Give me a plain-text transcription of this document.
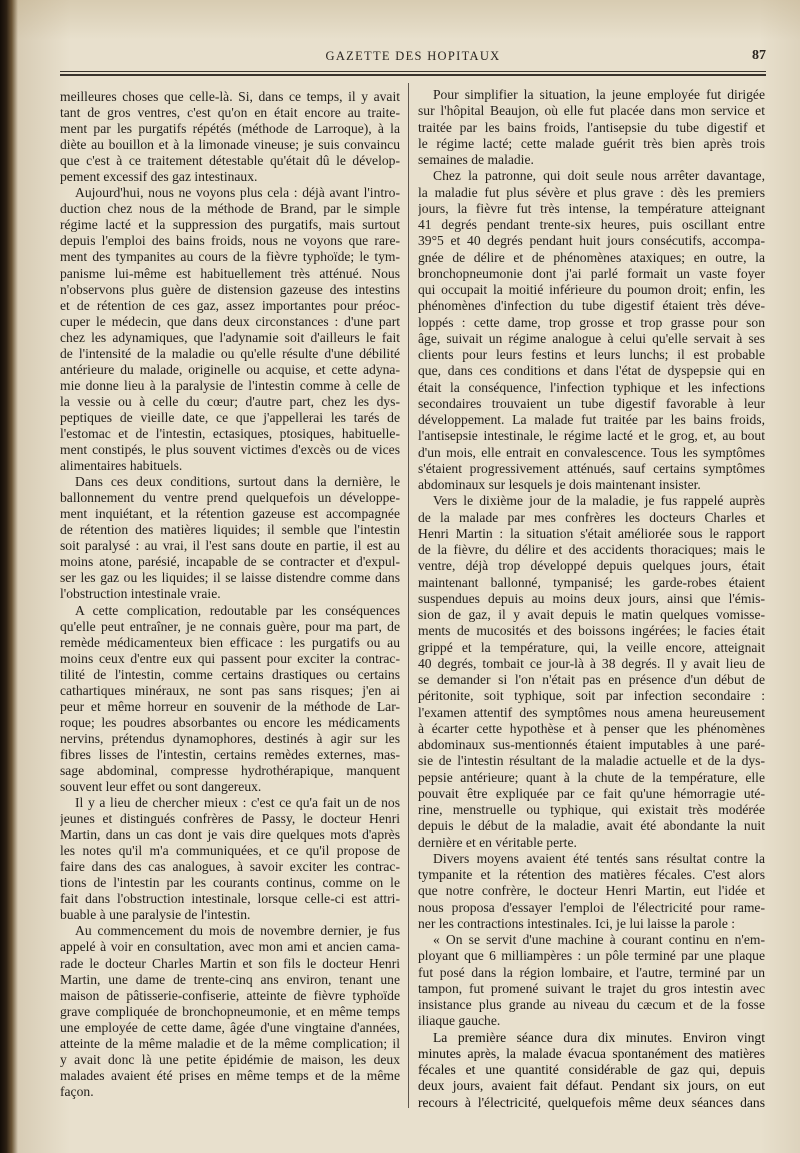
GAZETTE DES HOPITAUX	87
meilleures choses que celle-là. Si, dans ce temps, il y avait
tant de gros ventres, c'est qu'on en était encore au traite-
ment par les purgatifs répétés (méthode de Larroque), à la
diète au bouillon et à la limonade vineuse; je suis convaincu
que c'est à ce traitement détestable qu'était dû le dévelop-
pement excessif des gaz intestinaux.
Aujourd'hui, nous ne voyons plus cela : déjà avant l'intro-
duction chez nous de la méthode de Brand, par le simple
régime lacté et la suppression des purgatifs, mais surtout
depuis l'emploi des bains froids, nous ne voyons que rare-
ment des tympanites au cours de la fièvre typhoïde; le tym-
panisme lui-même est habituellement très atténué. Nous
n'observons plus guère de distension gazeuse des intestins
et de rétention de ces gaz, assez importantes pour préoc-
cuper le médecin, que dans deux circonstances : d'une part
chez les adynamiques, que l'adynamie soit d'ailleurs le fait
de l'intensité de la maladie ou qu'elle résulte d'une débilité
antérieure du malade, originelle ou acquise, et cette adyna-
mie donne lieu à la paralysie de l'intestin comme à celle de
la vessie ou à celle du cœur; d'autre part, chez les dys-
peptiques de vieille date, ce que j'appellerai les tarés de
l'estomac et de l'intestin, ectasiques, ptosiques, habituelle-
ment constipés, le plus souvent victimes d'excès ou de vices
alimentaires habituels.
Dans ces deux conditions, surtout dans la dernière, le
ballonnement du ventre prend quelquefois un développe-
ment inquiétant, et la rétention gazeuse est accompagnée
de rétention des matières liquides; il semble que l'intestin
soit paralysé : au vrai, il l'est sans doute en partie, il est au
moins atone, parésié, incapable de se contracter et d'expul-
ser les gaz ou les liquides; il se laisse distendre comme dans
l'obstruction intestinale vraie.
A cette complication, redoutable par les conséquences
qu'elle peut entraîner, je ne connais guère, pour ma part, de
remède médicamenteux bien efficace : les purgatifs ou au
moins ceux d'entre eux qui passent pour exciter la contrac-
tilité de l'intestin, comme certains drastiques ou certains
cathartiques minéraux, ne sont pas sans risques; j'en ai
peur et même horreur en souvenir de la méthode de Lar-
roque; les poudres absorbantes ou encore les médicaments
nervins, prétendus dynamophores, destinés à agir sur les
fibres lisses de l'intestin, certains remèdes externes, mas-
sage abdominal, compresse hydrothérapique, manquent
souvent leur effet ou sont dangereux.
Il y a lieu de chercher mieux : c'est ce qu'a fait un de nos
jeunes et distingués confrères de Passy, le docteur Henri
Martin, dans un cas dont je vais dire quelques mots d'après
les notes qu'il m'a communiquées, et ce qu'il propose de
faire dans des cas analogues, à savoir exciter les contrac-
tions de l'intestin par les courants continus, comme on le
fait dans l'obstruction intestinale, lorsque celle-ci est attri-
buable à une paralysie de l'intestin.
Au commencement du mois de novembre dernier, je fus
appelé à voir en consultation, avec mon ami et ancien cama-
rade le docteur Charles Martin et son fils le docteur Henri
Martin, une dame de trente-cinq ans environ, tenant une
maison de pâtisserie-confiserie, atteinte de fièvre typhoïde
grave compliquée de bronchopneumonie, et en même temps
une employée de cette dame, âgée d'une vingtaine d'années,
atteinte de la même maladie et de la même complication; il
y avait donc là une petite épidémie de maison, les deux
malades avaient été prises en même temps et de la même
façon.
Pour simplifier la situation, la jeune employée fut dirigée
sur l'hôpital Beaujon, où elle fut placée dans mon service et
traitée par les bains froids, l'antisepsie du tube digestif et
le régime lacté; cette malade guérit très bien après trois
semaines de maladie.
Chez la patronne, qui doit seule nous arrêter davantage,
la maladie fut plus sévère et plus grave : dès les premiers
jours, la fièvre fut très intense, la température atteignant
41 degrés pendant trente-six heures, puis oscillant entre
39°5 et 40 degrés pendant huit jours consécutifs, accompa-
gnée de délire et de phénomènes ataxiques; en outre, la
bronchopneumonie dont j'ai parlé formait un vaste foyer
qui occupait la moitié inférieure du poumon droit; enfin, les
phénomènes d'infection du tube digestif étaient très déve-
loppés : cette dame, trop grosse et trop grasse pour son
âge, suivait un régime analogue à celui qu'elle servait à ses
clients pour leurs festins et leurs lunchs; il est probable
que, dans ces conditions et dans l'état de dyspepsie qui en
était la conséquence, l'infection typhique et les infections
secondaires trouvaient un tube digestif favorable à leur
développement. La malade fut traitée par les bains froids,
l'antisepsie intestinale, le régime lacté et le grog, et, au bout
d'un mois, elle entrait en convalescence. Tous les symptômes
s'étaient progressivement atténués, sauf certains symptômes
abdominaux sur lesquels je dois maintenant insister.
Vers le dixième jour de la maladie, je fus rappelé auprès
de la malade par mes confrères les docteurs Charles et
Henri Martin : la situation s'était améliorée sous le rapport
de la fièvre, du délire et des accidents thoraciques; mais le
ventre, déjà trop développé depuis quelques jours, était
maintenant ballonné, tympanisé; les garde-robes étaient
suspendues depuis au moins deux jours, ainsi que l'émis-
sion de gaz, il y avait depuis le matin quelques vomisse-
ments de mucosités et des boissons ingérées; le facies était
grippé et la température, qui, la veille encore, atteignait
40 degrés, tombait ce jour-là à 38 degrés. Il y avait lieu de
se demander si l'on n'était pas en présence d'un début de
péritonite, soit typhique, soit par infection secondaire :
l'examen attentif des symptômes nous amena heureusement
à écarter cette hypothèse et à penser que les phénomènes
abdominaux sus-mentionnés étaient imputables à une paré-
sie de l'intestin résultant de la maladie actuelle et de la dys-
pepsie antérieure; quant à la chute de la température, elle
pouvait être expliquée par ce fait qu'une hémorragie uté-
rine, menstruelle ou typhique, qui existait très modérée
depuis le début de la maladie, avait été abondante la nuit
dernière et en véritable perte.
Divers moyens avaient été tentés sans résultat contre la
tympanite et la rétention des matières fécales. C'est alors
que notre confrère, le docteur Henri Martin, eut l'idée et
nous proposa d'essayer l'emploi de l'électricité pour rame-
ner les contractions intestinales. Ici, je lui laisse la parole :
« On se servit d'une machine à courant continu en n'em-
ployant que 6 milliampères : un pôle terminé par une plaque
fut posé dans la région lombaire, et l'autre, terminé par un
tampon, fut promené suivant le trajet du gros intestin avec
insistance plus grande au niveau du cæcum et de la fosse
iliaque gauche.
La première séance dura dix minutes. Environ vingt
minutes après, la malade évacua spontanément des matières
fécales et une quantité considérable de gaz qui, depuis
deux jours, avaient fait défaut. Pendant six jours, on eut
recours à l'électricité, quelquefois même deux séances dans
